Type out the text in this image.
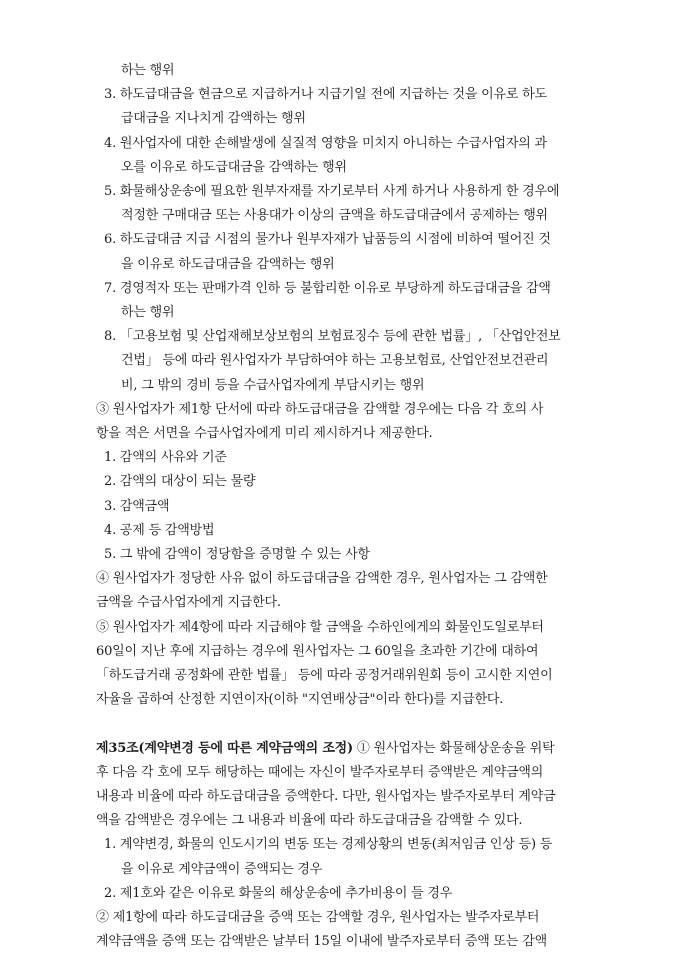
하는 행위
3. 하도급대금을 현금으로 지급하거나 지급기일 전에 지급하는 것을 이유로 하도
급대금을 지나치게 감액하는 행위
4. 원사업자에 대한 손해발생에 실질적 영향을 미치지 아니하는 수급사업자의 과
오를 이유로 하도급대금을 감액하는 행위
5. 화물해상운송에 필요한 원부자재를 자기로부터 사게 하거나 사용하게 한 경우에
적정한 구매대금 또는 사용대가 이상의 금액을 하도급대금에서 공제하는 행위
6. 하도급대금 지급 시점의 물가나 원부자재가 납품등의 시점에 비하여 떨어진 것
을 이유로 하도급대금을 감액하는 행위
7. 경영적자 또는 판매가격 인하 등 불합리한 이유로 부당하게 하도급대금을 감액
하는 행위
8. 「고용보험 및 산업재해보상보험의 보험료징수 등에 관한 법률」, 「산업안전보
건법」 등에 따라 원사업자가 부담하여야 하는 고용보험료, 산업안전보건관리
비, 그 밖의 경비 등을 수급사업자에게 부담시키는 행위
③ 원사업자가 제1항 단서에 따라 하도급대금을 감액할 경우에는 다음 각 호의 사
항을 적은 서면을 수급사업자에게 미리 제시하거나 제공한다.
1. 감액의 사유와 기준
2. 감액의 대상이 되는 물량
3. 감액금액
4. 공제 등 감액방법
5. 그 밖에 감액이 정당함을 증명할 수 있는 사항
④ 원사업자가 정당한 사유 없이 하도급대금을 감액한 경우, 원사업자는 그 감액한
금액을 수급사업자에게 지급한다.
⑤ 원사업자가 제4항에 따라 지급해야 할 금액을 수하인에게의 화물인도일로부터
60일이 지난 후에 지급하는 경우에 원사업자는 그 60일을 초과한 기간에 대하여
「하도급거래 공정화에 관한 법률」 등에 따라 공정거래위원회 등이 고시한 지연이
자율을 곱하여 산정한 지연이자(이하 "지연배상금"이라 한다)를 지급한다.
제35조(계약변경 등에 따른 계약금액의 조정) ① 원사업자는 화물해상운송을 위탁
후 다음 각 호에 모두 해당하는 때에는 자신이 발주자로부터 증액받은 계약금액의
내용과 비율에 따라 하도급대금을 증액한다. 다만, 원사업자는 발주자로부터 계약금
액을 감액받은 경우에는 그 내용과 비율에 따라 하도급대금을 감액할 수 있다.
1. 계약변경, 화물의 인도시기의 변동 또는 경제상황의 변동(최저임금 인상 등) 등
을 이유로 계약금액이 증액되는 경우
2. 제1호와 같은 이유로 화물의 해상운송에 추가비용이 들 경우
② 제1항에 따라 하도급대금을 증액 또는 감액할 경우, 원사업자는 발주자로부터
계약금액을 증액 또는 감액받은 날부터 15일 이내에 발주자로부터 증액 또는 감액
